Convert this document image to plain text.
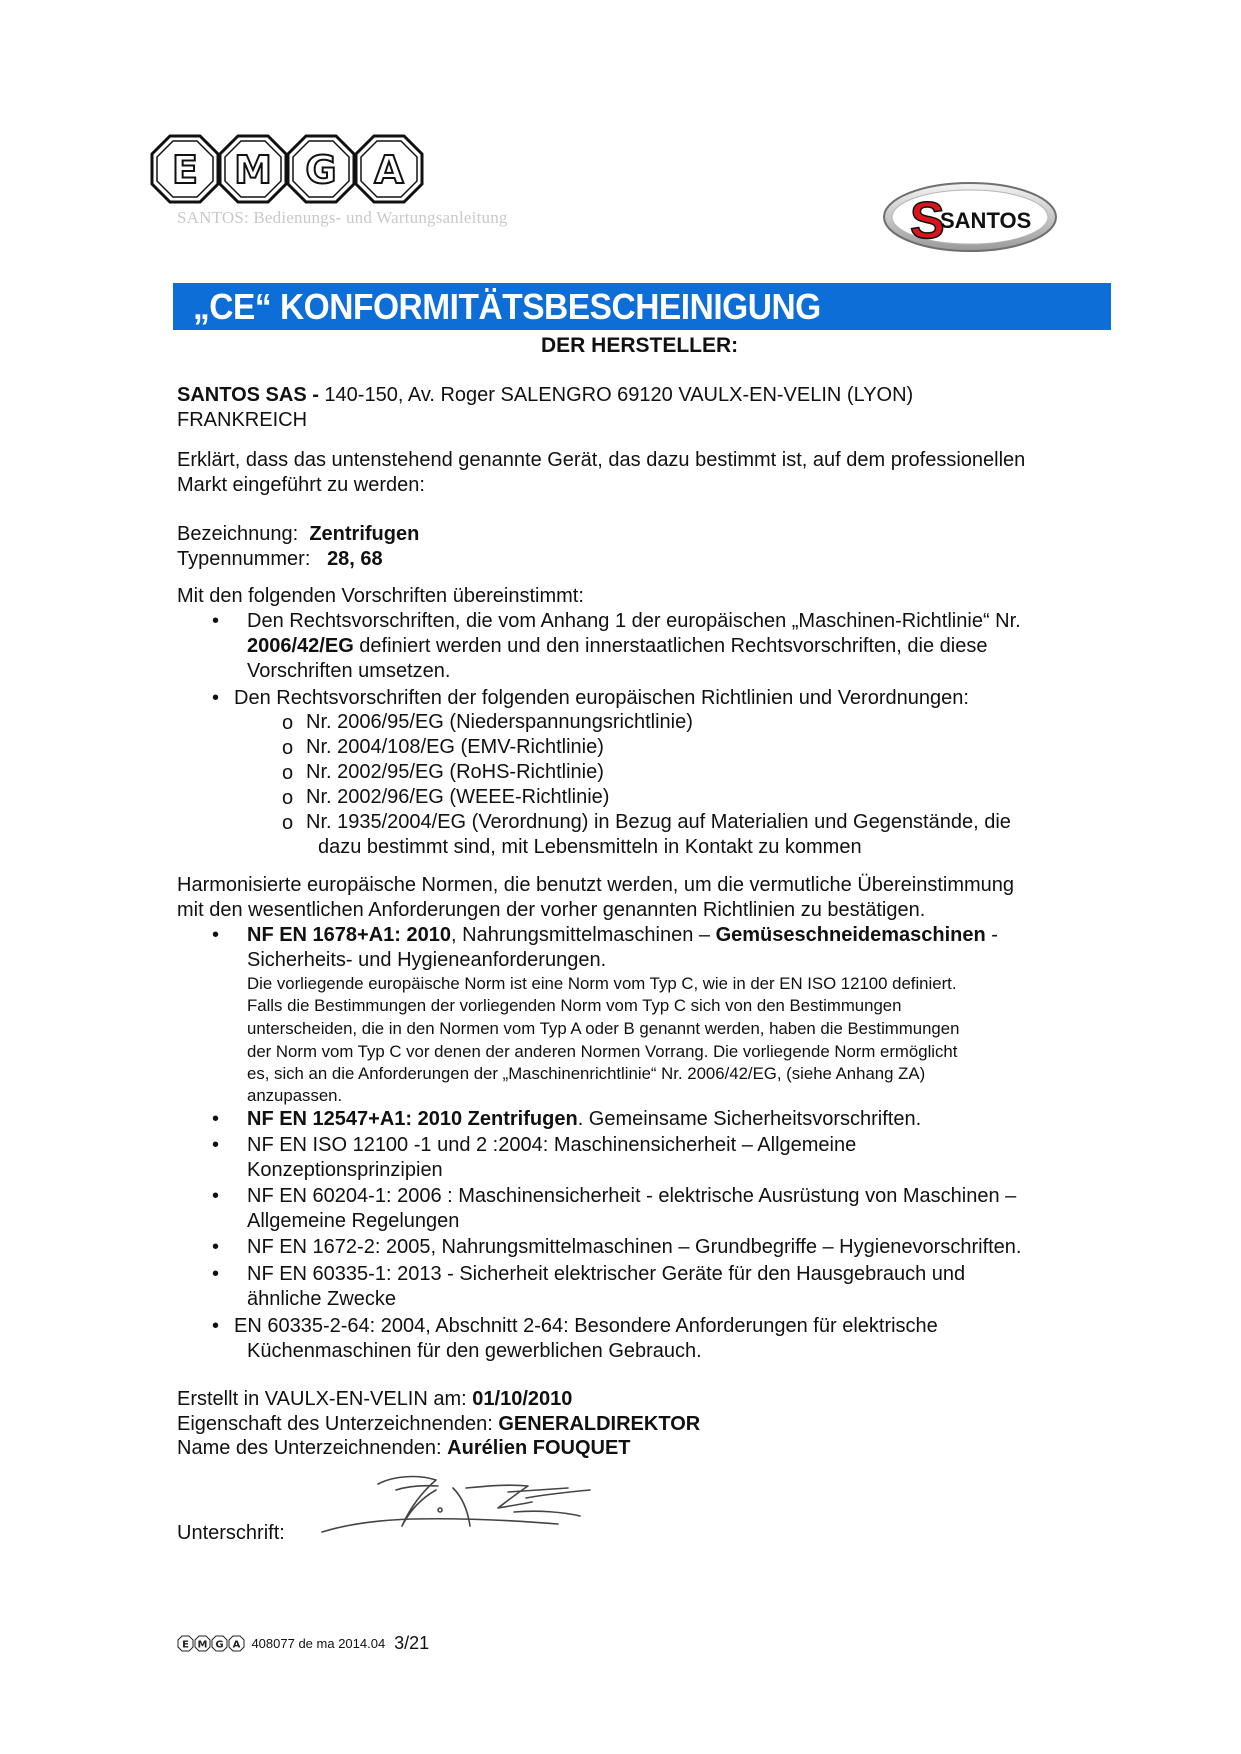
E M G A
SANTOS: Bedienungs- und Wartungsanleitung	S
SANTOS
„CE“ KONFORMITÄTSBESCHEINIGUNG
DER HERSTELLER:
SANTOS SAS - 140-150, Av. Roger SALENGRO 69120 VAULX-EN-VELIN (LYON)
FRANKREICH
Erklärt, dass das untenstehend genannte Gerät, das dazu bestimmt ist, auf dem professionellen
Markt eingeführt zu werden:
Bezeichnung: Zentrifugen
Typennummer: 28, 68
Mit den folgenden Vorschriften übereinstimmt:
• Den Rechtsvorschriften, die vom Anhang 1 der europäischen „Maschinen-Richtlinie“ Nr.
2006/42/EG definiert werden und den innerstaatlichen Rechtsvorschriften, die diese
Vorschriften umsetzen.
• Den Rechtsvorschriften der folgenden europäischen Richtlinien und Verordnungen:
o Nr. 2006/95/EG (Niederspannungsrichtlinie)
o Nr. 2004/108/EG (EMV-Richtlinie)
o Nr. 2002/95/EG (RoHS-Richtlinie)
o Nr. 2002/96/EG (WEEE-Richtlinie)
o Nr. 1935/2004/EG (Verordnung) in Bezug auf Materialien und Gegenstände, die
dazu bestimmt sind, mit Lebensmitteln in Kontakt zu kommen
Harmonisierte europäische Normen, die benutzt werden, um die vermutliche Übereinstimmung
mit den wesentlichen Anforderungen der vorher genannten Richtlinien zu bestätigen.
• NF EN 1678+A1: 2010, Nahrungsmittelmaschinen – Gemüseschneidemaschinen -
Sicherheits- und Hygieneanforderungen.
Die vorliegende europäische Norm ist eine Norm vom Typ C, wie in der EN ISO 12100 definiert.
Falls die Bestimmungen der vorliegenden Norm vom Typ C sich von den Bestimmungen
unterscheiden, die in den Normen vom Typ A oder B genannt werden, haben die Bestimmungen
der Norm vom Typ C vor denen der anderen Normen Vorrang. Die vorliegende Norm ermöglicht
es, sich an die Anforderungen der „Maschinenrichtlinie“ Nr. 2006/42/EG, (siehe Anhang ZA)
anzupassen.
• NF EN 12547+A1: 2010 Zentrifugen. Gemeinsame Sicherheitsvorschriften.
• NF EN ISO 12100 -1 und 2 :2004: Maschinensicherheit – Allgemeine
Konzeptionsprinzipien
• NF EN 60204-1: 2006 : Maschinensicherheit - elektrische Ausrüstung von Maschinen –
Allgemeine Regelungen
• NF EN 1672-2: 2005, Nahrungsmittelmaschinen – Grundbegriffe – Hygienevorschriften.
• NF EN 60335-1: 2013 - Sicherheit elektrischer Geräte für den Hausgebrauch und
ähnliche Zwecke
• EN 60335-2-64: 2004, Abschnitt 2-64: Besondere Anforderungen für elektrische
Küchenmaschinen für den gewerblichen Gebrauch.
Erstellt in VAULX-EN-VELIN am: 01/10/2010
Eigenschaft des Unterzeichnenden: GENERALDIREKTOR
Name des Unterzeichnenden: Aurélien FOUQUET
Unterschrift:
E M G A 408077 de ma 2014.04 3/21
